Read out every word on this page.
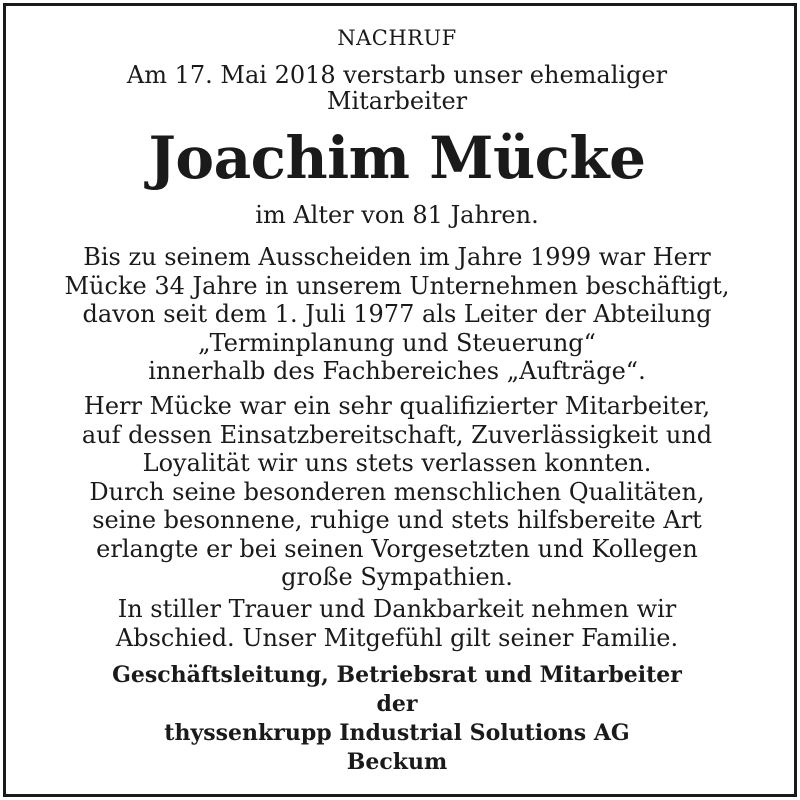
NACHRUF
Am 17. Mai 2018 verstarb unser ehemaliger
Mitarbeiter
Joachim Mücke
im Alter von 81 Jahren.
Bis zu seinem Ausscheiden im Jahre 1999 war Herr
Mücke 34 Jahre in unserem Unternehmen beschäftigt,
davon seit dem 1. Juli 1977 als Leiter der Abteilung
„Terminplanung und Steuerung“
innerhalb des Fachbereiches „Aufträge“.
Herr Mücke war ein sehr qualifizierter Mitarbeiter,
auf dessen Einsatzbereitschaft, Zuverlässigkeit und
Loyalität wir uns stets verlassen konnten.
Durch seine besonderen menschlichen Qualitäten,
seine besonnene, ruhige und stets hilfsbereite Art
erlangte er bei seinen Vorgesetzten und Kollegen
große Sympathien.
In stiller Trauer und Dankbarkeit nehmen wir
Abschied. Unser Mitgefühl gilt seiner Familie.
Geschäftsleitung, Betriebsrat und Mitarbeiter
der
thyssenkrupp Industrial Solutions AG
Beckum
